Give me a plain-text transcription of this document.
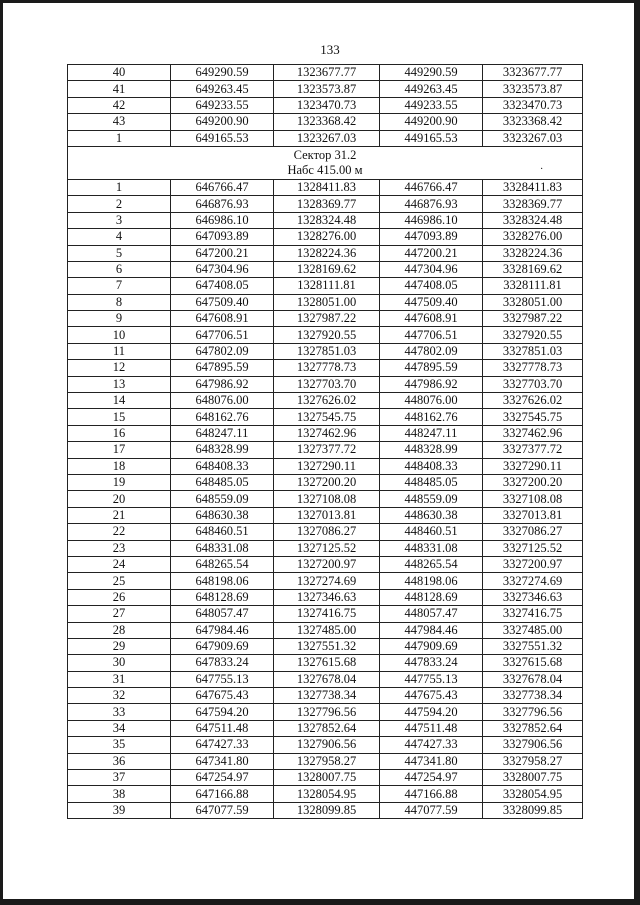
133
40	649290.59	1323677.77	449290.59	3323677.77
41	649263.45	1323573.87	449263.45	3323573.87
42	649233.55	1323470.73	449233.55	3323470.73
43	649200.90	1323368.42	449200.90	3323368.42
1	649165.53	1323267.03	449165.53	3323267.03

Сектор 31.2
Набс 415.00 м				

1	646766.47	1328411.83	446766.47	3328411.83
2	646876.93	1328369.77	446876.93	3328369.77
3	646986.10	1328324.48	446986.10	3328324.48
4	647093.89	1328276.00	447093.89	3328276.00
5	647200.21	1328224.36	447200.21	3328224.36
6	647304.96	1328169.62	447304.96	3328169.62
7	647408.05	1328111.81	447408.05	3328111.81
8	647509.40	1328051.00	447509.40	3328051.00
9	647608.91	1327987.22	447608.91	3327987.22
10	647706.51	1327920.55	447706.51	3327920.55
11	647802.09	1327851.03	447802.09	3327851.03
12	647895.59	1327778.73	447895.59	3327778.73
13	647986.92	1327703.70	447986.92	3327703.70
14	648076.00	1327626.02	448076.00	3327626.02
15	648162.76	1327545.75	448162.76	3327545.75
16	648247.11	1327462.96	448247.11	3327462.96
17	648328.99	1327377.72	448328.99	3327377.72
18	648408.33	1327290.11	448408.33	3327290.11
19	648485.05	1327200.20	448485.05	3327200.20
20	648559.09	1327108.08	448559.09	3327108.08
21	648630.38	1327013.81	448630.38	3327013.81
22	648460.51	1327086.27	448460.51	3327086.27
23	648331.08	1327125.52	448331.08	3327125.52
24	648265.54	1327200.97	448265.54	3327200.97
25	648198.06	1327274.69	448198.06	3327274.69
26	648128.69	1327346.63	448128.69	3327346.63
27	648057.47	1327416.75	448057.47	3327416.75
28	647984.46	1327485.00	447984.46	3327485.00
29	647909.69	1327551.32	447909.69	3327551.32
30	647833.24	1327615.68	447833.24	3327615.68
31	647755.13	1327678.04	447755.13	3327678.04
32	647675.43	1327738.34	447675.43	3327738.34
33	647594.20	1327796.56	447594.20	3327796.56
34	647511.48	1327852.64	447511.48	3327852.64
35	647427.33	1327906.56	447427.33	3327906.56
36	647341.80	1327958.27	447341.80	3327958.27
37	647254.97	1328007.75	447254.97	3328007.75
38	647166.88	1328054.95	447166.88	3328054.95
39	647077.59	1328099.85	447077.59	3328099.85
·
